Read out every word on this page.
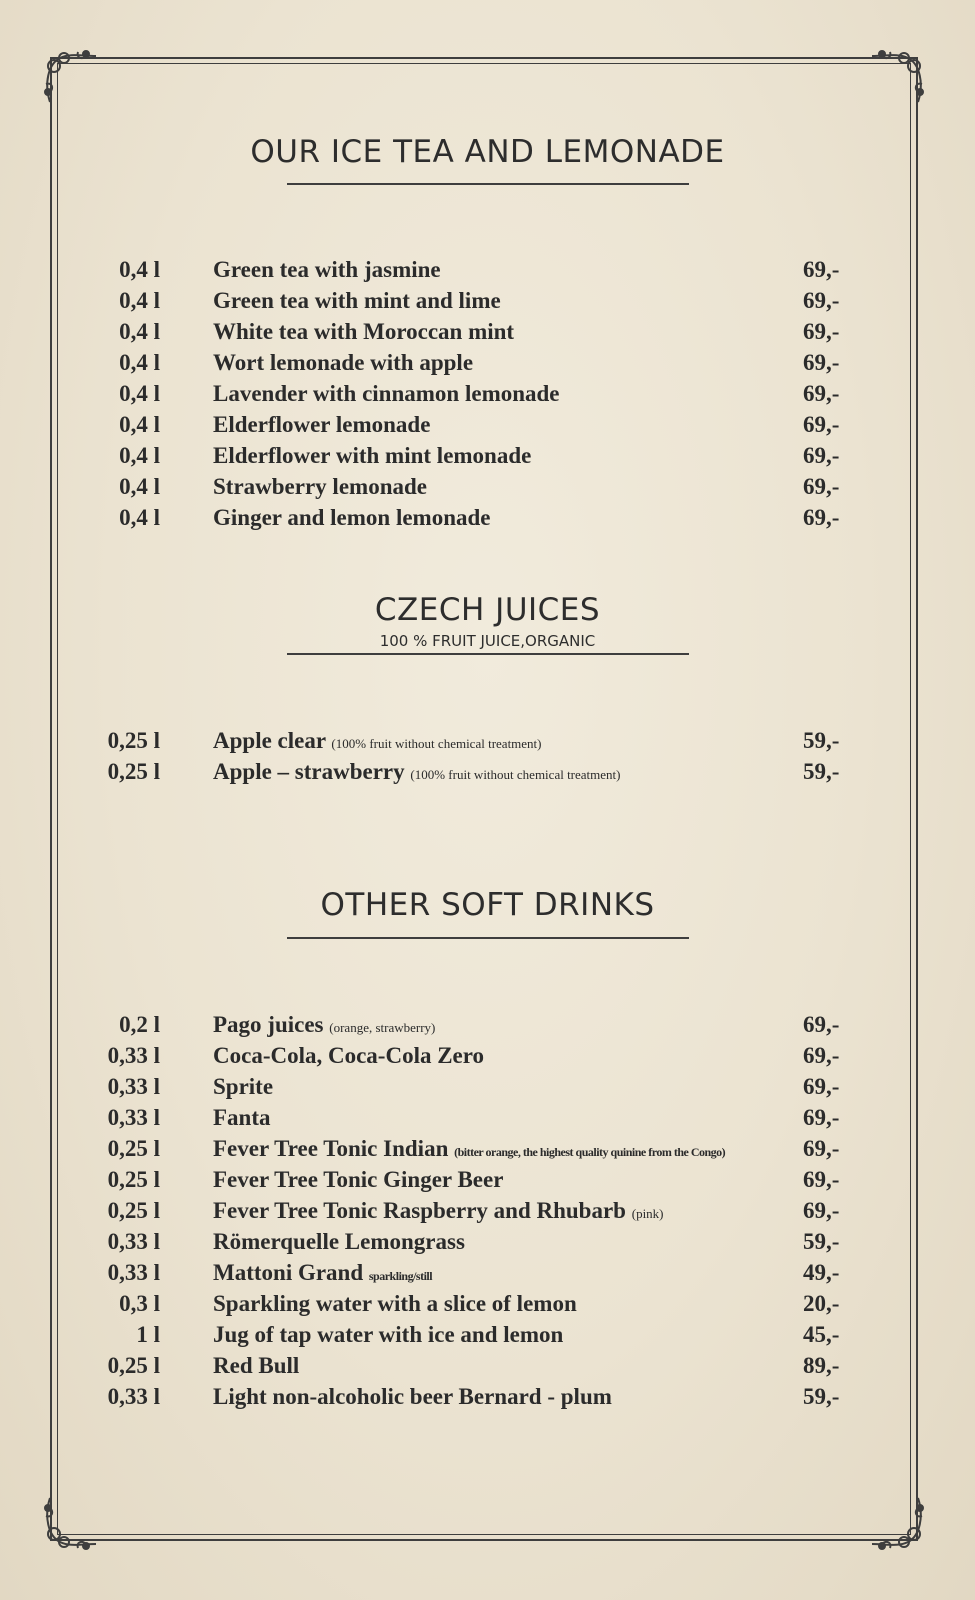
OUR ICE TEA AND LEMONADE
0,4 l Green tea with jasmine	69,-
0,4 l Green tea with mint and lime	69,-
0,4 l White tea with Moroccan mint	69,-
0,4 l Wort lemonade with apple	69,-
0,4 l Lavender with cinnamon lemonade	69,-
0,4 l Elderflower lemonade	69,-
0,4 l Elderflower with mint lemonade	69,-
0,4 l Strawberry lemonade	69,-
0,4 l Ginger and lemon lemonade	69,-
CZECH JUICES
100 % FRUIT JUICE,ORGANIC
0,25 l Apple clear (100% fruit without chemical treatment)	59,-
0,25 l Apple – strawberry (100% fruit without chemical treatment)	59,-
OTHER SOFT DRINKS
0,2 l Pago juices (orange, strawberry)	69,-
0,33 l Coca-Cola, Coca-Cola Zero	69,-
0,33 l Sprite	69,-
0,33 l Fanta	69,-
0,25 l Fever Tree Tonic Indian (bitter orange, the highest quality quinine from the Congo)	69,-
0,25 l Fever Tree Tonic Ginger Beer	69,-
0,25 l Fever Tree Tonic Raspberry and Rhubarb (pink)	69,-
0,33 l Römerquelle Lemongrass	59,-
0,33 l Mattoni Grand sparkling/still	49,-
0,3 l Sparkling water with a slice of lemon	20,-
1 l Jug of tap water with ice and lemon	45,-
0,25 l Red Bull	89,-
0,33 l Light non-alcoholic beer Bernard - plum	59,-
